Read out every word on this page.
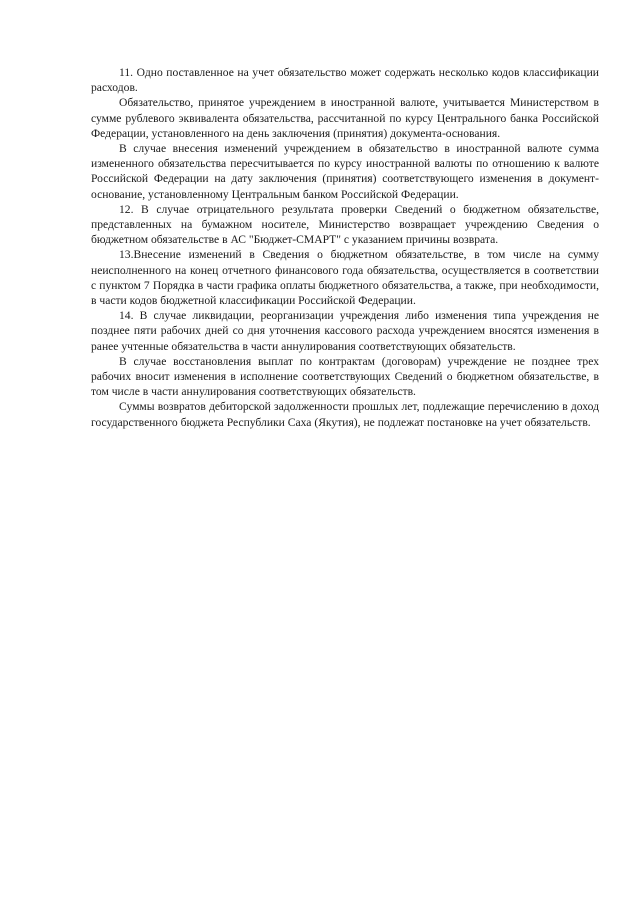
11. Одно поставленное на учет обязательство может содержать несколько кодов классификации расходов.

Обязательство, принятое учреждением в иностранной валюте, учитывается Министерством в сумме рублевого эквивалента обязательства, рассчитанной по курсу Центрального банка Российской Федерации, установленного на день заключения (принятия) документа-основания.

В случае внесения изменений учреждением в обязательство в иностранной валюте сумма измененного обязательства пересчитывается по курсу иностранной валюты по отношению к валюте Российской Федерации на дату заключения (принятия) соответствующего изменения в документ-основание, установленному Центральным банком Российской Федерации.

12. В случае отрицательного результата проверки Сведений о бюджетном обязательстве, представленных на бумажном носителе, Министерство возвращает учреждению Сведения о бюджетном обязательстве в АС "Бюджет-СМАРТ" с указанием причины возврата.

13.Внесение изменений в Сведения о бюджетном обязательстве, в том числе на сумму неисполненного на конец отчетного финансового года обязательства, осуществляется в соответствии с пунктом 7 Порядка в части графика оплаты бюджетного обязательства, а также, при необходимости, в части кодов бюджетной классификации Российской Федерации.

14. В случае ликвидации, реорганизации учреждения либо изменения типа учреждения не позднее пяти рабочих дней со дня уточнения кассового расхода учреждением вносятся изменения в ранее учтенные обязательства в части аннулирования соответствующих обязательств.

В случае восстановления выплат по контрактам (договорам) учреждение не позднее трех рабочих вносит изменения в исполнение соответствующих Сведений о бюджетном обязательстве, в том числе в части аннулирования соответствующих обязательств.

Суммы возвратов дебиторской задолженности прошлых лет, подлежащие перечислению в доход государственного бюджета Республики Саха (Якутия), не подлежат постановке на учет обязательств.
